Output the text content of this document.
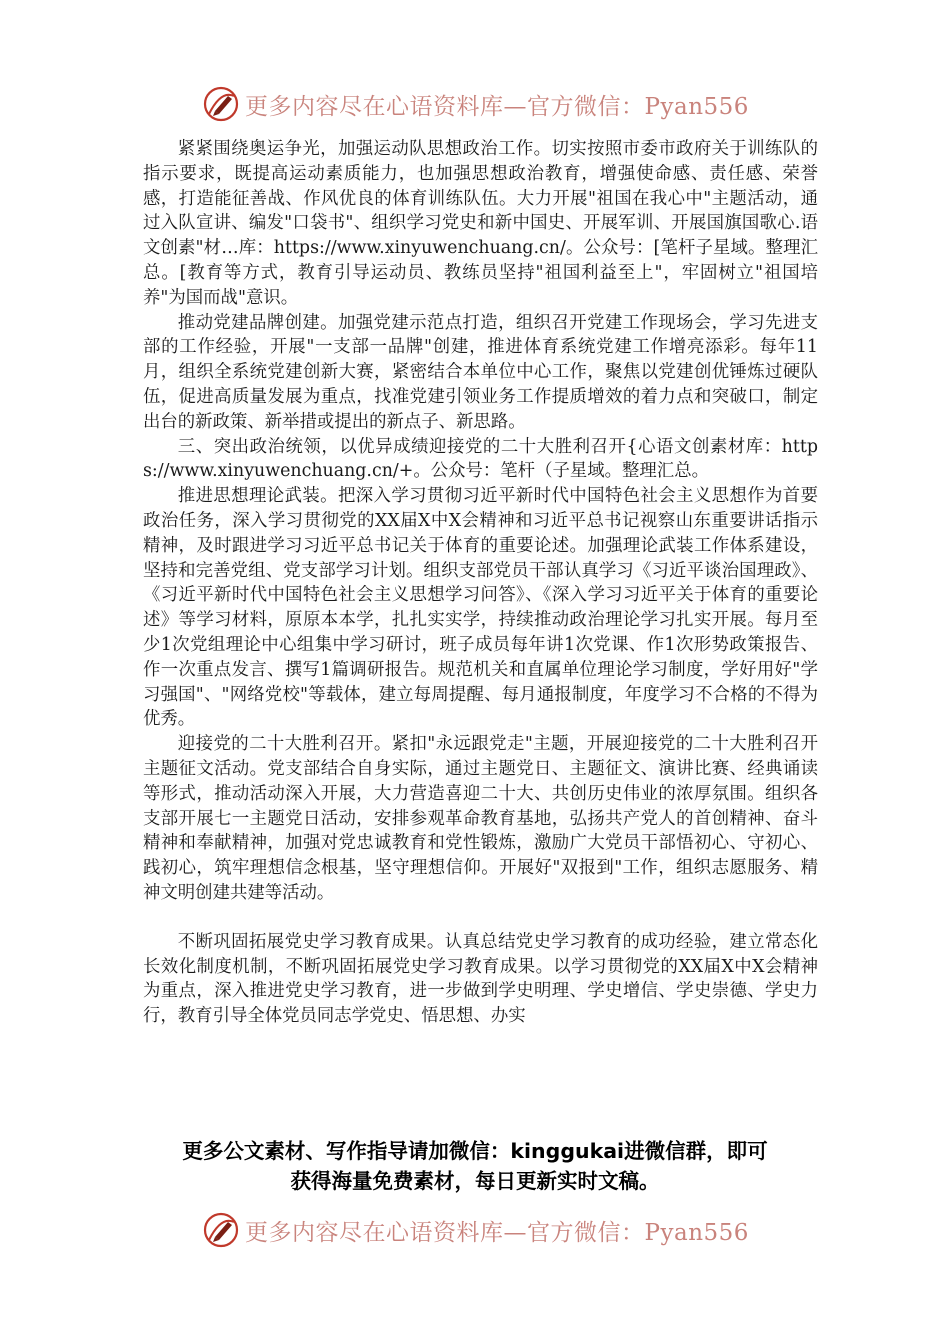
更多内容尽在心语资料库—官方微信：Pyan556

紧紧围绕奥运争光，加强运动队思想政治工作。切实按照市委市政府关于训练队的指示要求，既提高运动素质能力，也加强思想政治教育，增强使命感、责任感、荣誉感，打造能征善战、作风优良的体育训练队伍。大力开展"祖国在我心中"主题活动，通过入队宣讲、编发"口袋书"、组织学习党史和新中国史、开展军训、开展国旗国歌心.语文创素"材…库：https://www.xinyuwenchuang.cn/。公众号：[笔杆子星域。整理汇总。[教育等方式，教育引导运动员、教练员坚持"祖国利益至上"，牢固树立"祖国培养"为国而战"意识。

推动党建品牌创建。加强党建示范点打造，组织召开党建工作现场会，学习先进支部的工作经验，开展"一支部一品牌"创建，推进体育系统党建工作增亮添彩。每年11月，组织全系统党建创新大赛，紧密结合本单位中心工作，聚焦以党建创优锤炼过硬队伍，促进高质量发展为重点，找准党建引领业务工作提质增效的着力点和突破口，制定出台的新政策、新举措或提出的新点子、新思路。

三、突出政治统领，以优异成绩迎接党的二十大胜利召开{心语文创素材库：https://www.xinyuwenchuang.cn/+。公众号：笔杆（子星域。整理汇总。

推进思想理论武装。把深入学习贯彻习近平新时代中国特色社会主义思想作为首要政治任务，深入学习贯彻党的XX届X中X会精神和习近平总书记视察山东重要讲话指示精神，及时跟进学习习近平总书记关于体育的重要论述。加强理论武装工作体系建设，坚持和完善党组、党支部学习计划。组织支部党员干部认真学习《习近平谈治国理政》、《习近平新时代中国特色社会主义思想学习问答》、《深入学习习近平关于体育的重要论述》等学习材料，原原本本学，扎扎实实学，持续推动政治理论学习扎实开展。每月至少1次党组理论中心组集中学习研讨，班子成员每年讲1次党课、作1次形势政策报告、作一次重点发言、撰写1篇调研报告。规范机关和直属单位理论学习制度，学好用好"学习强国"、"网络党校"等载体，建立每周提醒、每月通报制度，年度学习不合格的不得为优秀。

迎接党的二十大胜利召开。紧扣"永远跟党走"主题，开展迎接党的二十大胜利召开主题征文活动。党支部结合自身实际，通过主题党日、主题征文、演讲比赛、经典诵读等形式，推动活动深入开展，大力营造喜迎二十大、共创历史伟业的浓厚氛围。组织各支部开展七一主题党日活动，安排参观革命教育基地，弘扬共产党人的首创精神、奋斗精神和奉献精神，加强对党忠诚教育和党性锻炼，激励广大党员干部悟初心、守初心、践初心，筑牢理想信念根基，坚守理想信仰。开展好"双报到"工作，组织志愿服务、精神文明创建共建等活动。

不断巩固拓展党史学习教育成果。认真总结党史学习教育的成功经验，建立常态化长效化制度机制，不断巩固拓展党史学习教育成果。以学习贯彻党的XX届X中X会精神为重点，深入推进党史学习教育，进一步做到学史明理、学史增信、学史崇德、学史力行，教育引导全体党员同志学党史、悟思想、办实

更多公文素材、写作指导请加微信：kinggukai进微信群，即可
获得海量免费素材，每日更新实时文稿。
更多内容尽在心语资料库—官方微信：Pyan556
